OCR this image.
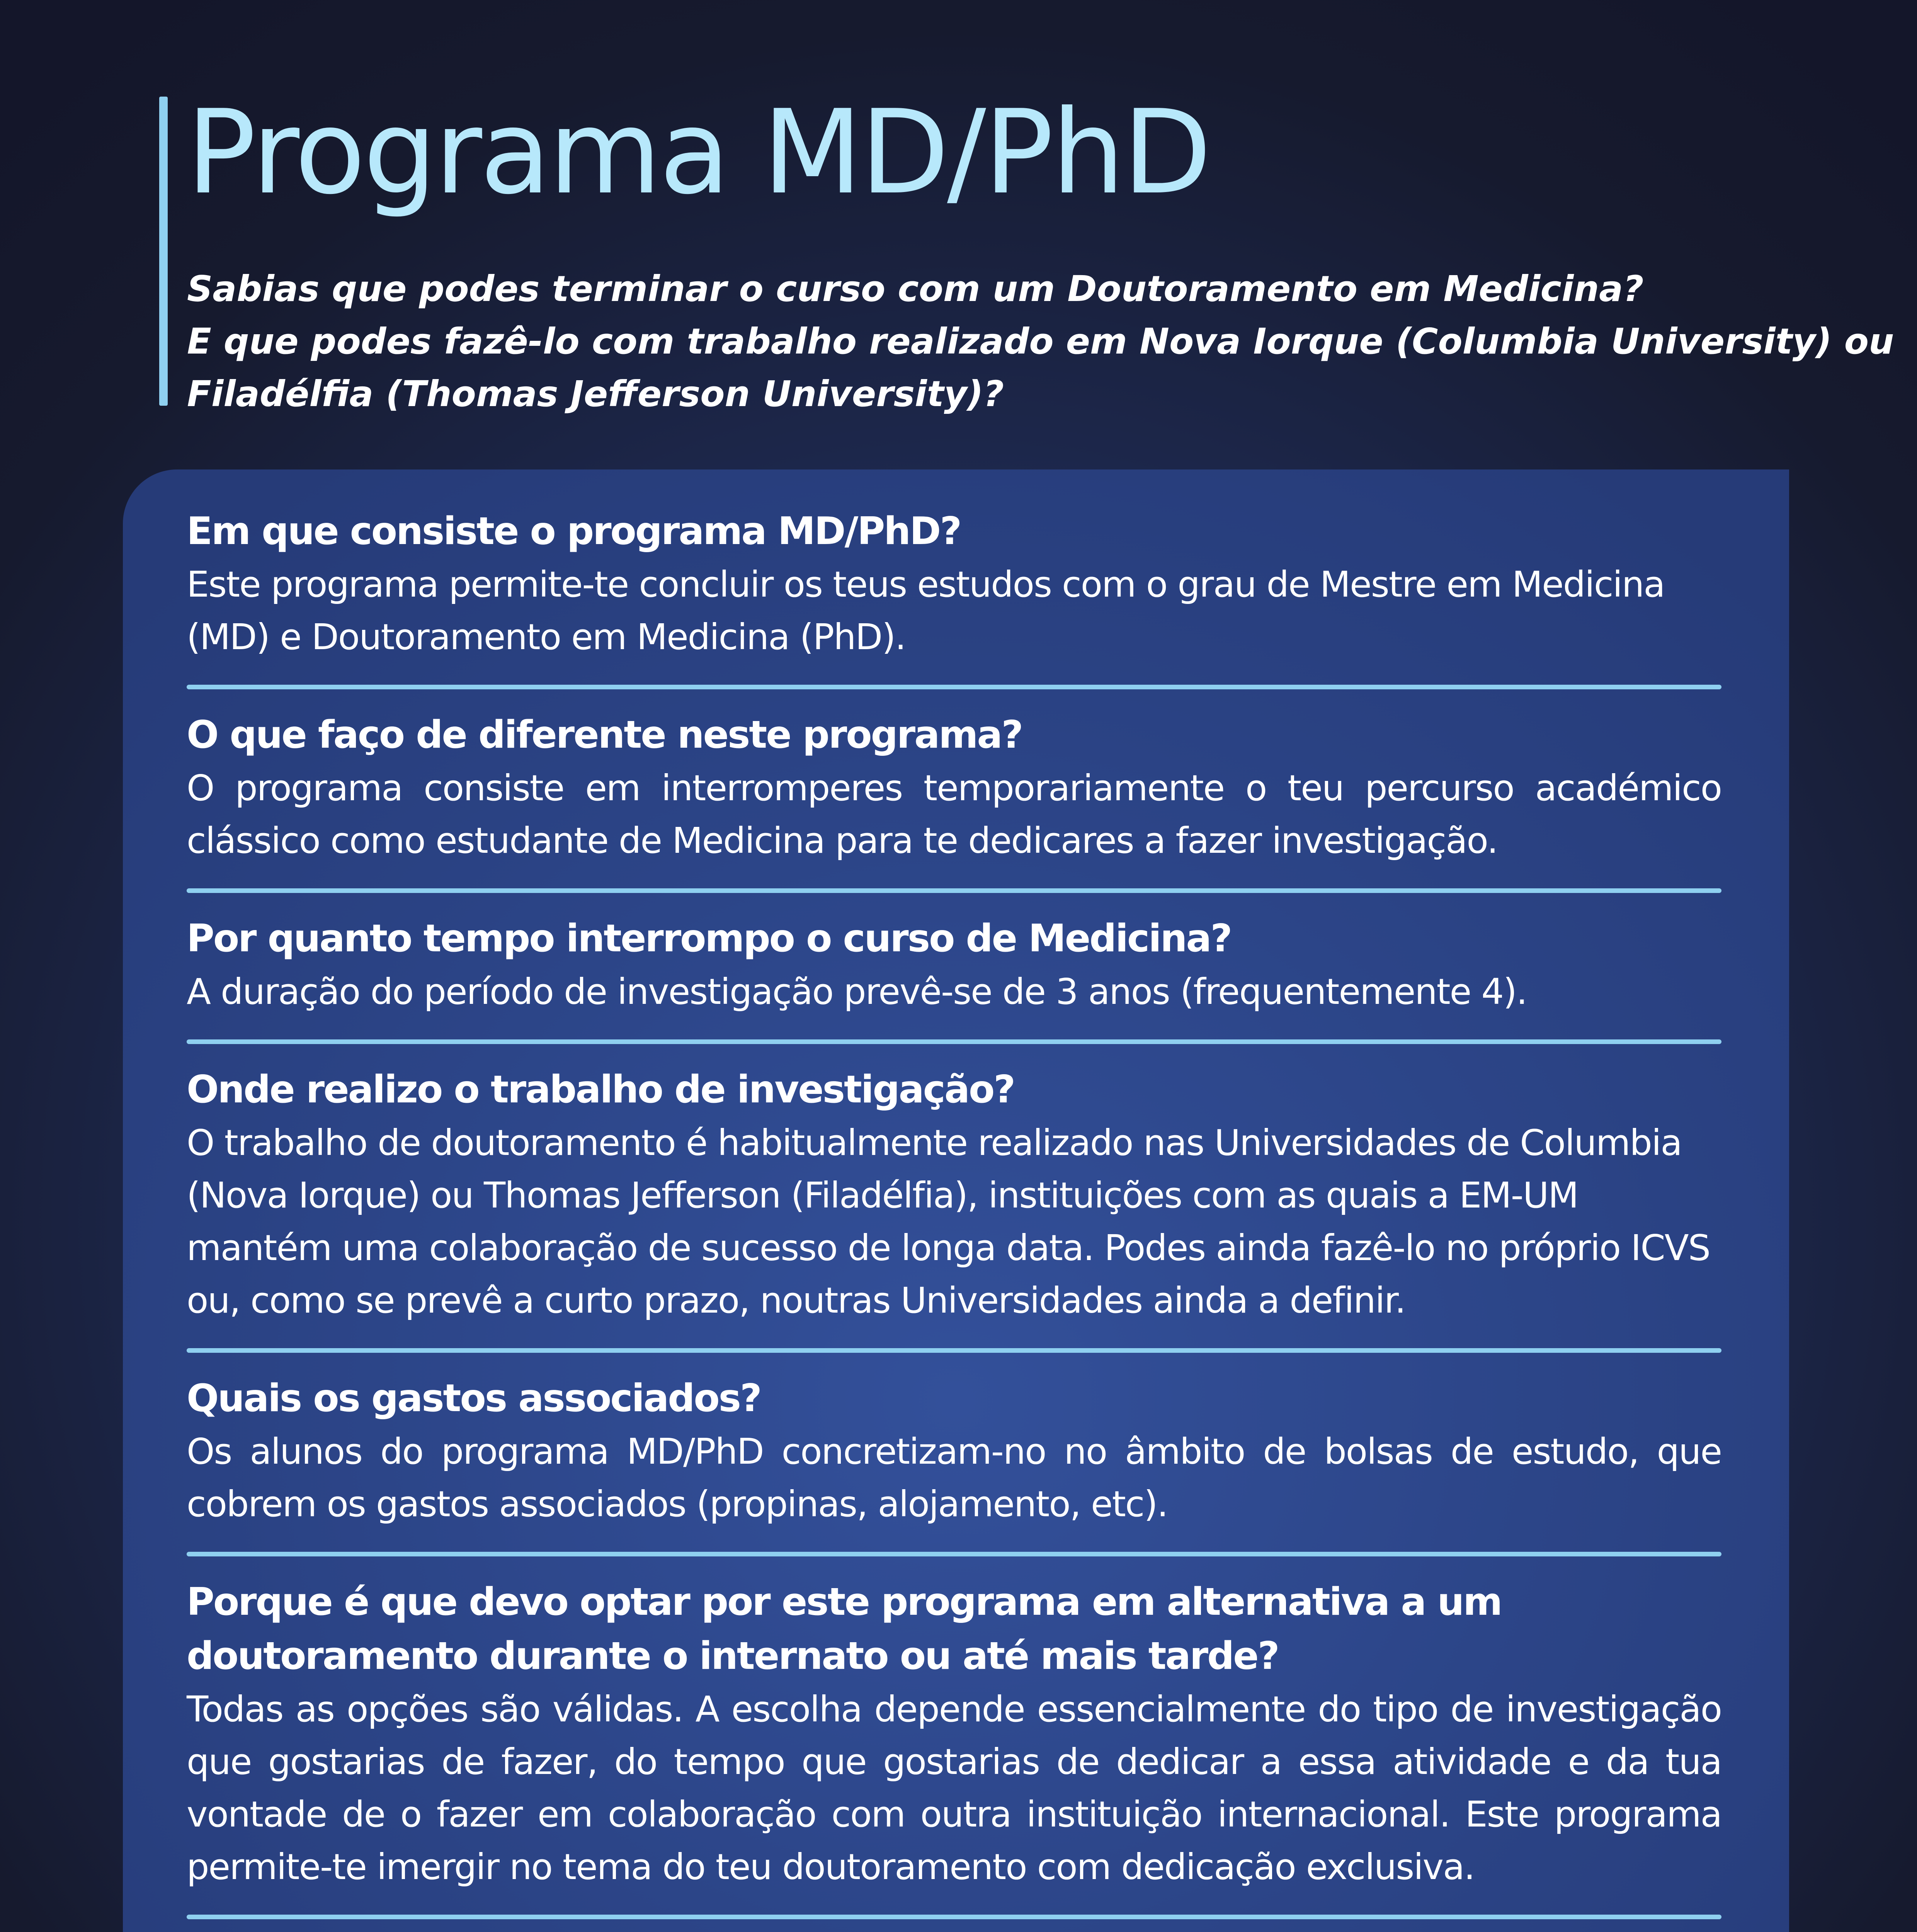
Programa MD/PhD

Sabias que podes terminar o curso com um Doutoramento em Medicina?
E que podes fazê-lo com trabalho realizado em Nova Iorque (Columbia University) ou
Filadélfia (Thomas Jefferson University)?

Em que consiste o programa MD/PhD?

Este programa permite-te concluir os teus estudos com o grau de Mestre em Medicina (MD) e Doutoramento em Medicina (PhD).

O que faço de diferente neste programa?

O programa consiste em interromperes temporariamente o teu percurso académico clássico como estudante de Medicina para te dedicares a fazer investigação.

Por quanto tempo interrompo o curso de Medicina?

A duração do período de investigação prevê-se de 3 anos (frequentemente 4).

Onde realizo o trabalho de investigação?

O trabalho de doutoramento é habitualmente realizado nas Universidades de Columbia (Nova Iorque) ou Thomas Jefferson (Filadélfia), instituições com as quais a EM-UM mantém uma colaboração de sucesso de longa data. Podes ainda fazê-lo no próprio ICVS ou, como se prevê a curto prazo, noutras Universidades ainda a definir.

Quais os gastos associados?

Os alunos do programa MD/PhD concretizam-no no âmbito de bolsas de estudo, que cobrem os gastos associados (propinas, alojamento, etc).

Porque é que devo optar por este programa em alternativa a um doutoramento durante o internato ou até mais tarde?

Todas as opções são válidas. A escolha depende essencialmente do tipo de investigação que gostarias de fazer, do tempo que gostarias de dedicar a essa atividade e da tua vontade de o fazer em colaboração com outra instituição internacional. Este programa permite-te imergir no tema do teu doutoramento com dedicação exclusiva.
